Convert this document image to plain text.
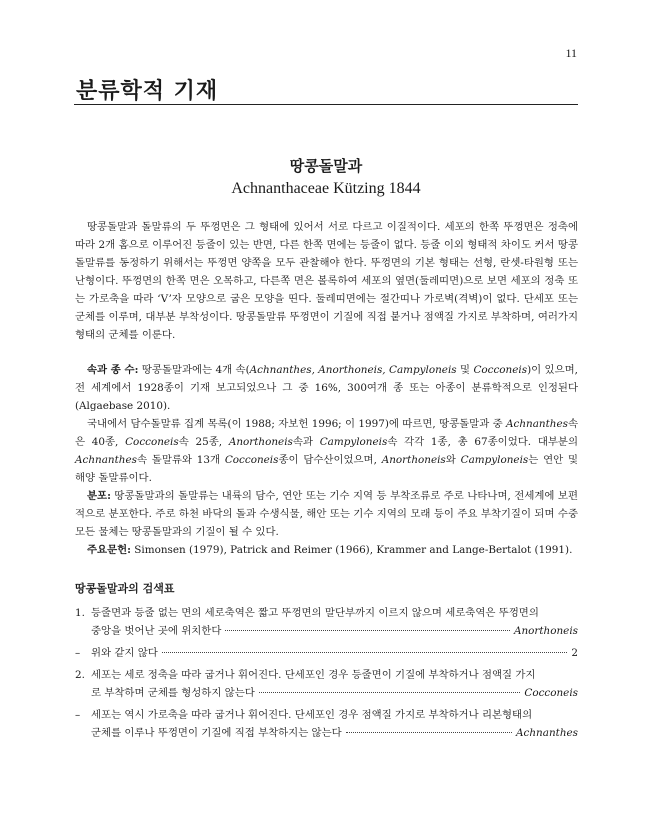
11
분류학적 기재
땅콩돌말과

Achnanthaceae Kützing 1844

땅콩돌말과 돌말류의 두 뚜껑면은 그 형태에 있어서 서로 다르고 이질적이다. 세포의 한쪽 뚜껑면은 정축에 따라 2개 홈으로 이루어진 등줄이 있는 반면, 다른 한쪽 면에는 등줄이 없다. 등줄 이외 형태적 차이도 커서 땅콩돌말류를 동정하기 위해서는 뚜껑면 양쪽을 모두 관찰해야 한다. 뚜껑면의 기본 형태는 선형, 란셋-타원형 또는 난형이다. 뚜껑면의 한쪽 면은 오목하고, 다른쪽 면은 볼록하여 세포의 옆면(둘레띠면)으로 보면 세포의 정축 또는 가로축을 따라 ‘V’자 모양으로 굽은 모양을 띤다. 둘레띠면에는 절간띠나 가로벽(격벽)이 없다. 단세포 또는 군체를 이루며, 대부분 부착성이다. 땅콩돌말류 뚜껑면이 기질에 직접 붙거나 점액질 가지로 부착하며, 여러가지 형태의 군체를 이룬다.

속과 종 수: 땅콩돌말과에는 4개 속(Achnanthes, Anorthoneis, Campyloneis 및 Cocconeis)이 있으며, 전 세계에서 1928종이 기재 보고되었으나 그 중 16%, 300여개 종 또는 아종이 분류학적으로 인정된다 (Algaebase 2010).
국내에서 담수돌말류 집계 목록(이 1988; 자보헌 1996; 이 1997)에 따르면, 땅콩돌말과 중 Achnanthes속은 40종, Cocconeis속 25종, Anorthoneis속과 Campyloneis속 각각 1종, 총 67종이었다. 대부분의 Achnanthes속 돌말류와 13개 Cocconeis종이 담수산이었으며, Anorthoneis와 Campyloneis는 연안 및 해양 돌말류이다.
분포: 땅콩돌말과의 돌말류는 내륙의 담수, 연안 또는 기수 지역 등 부착조류로 주로 나타나며, 전세계에 보편적으로 분포한다. 주로 하천 바닥의 돌과 수생식물, 해안 또는 기수 지역의 모래 등이 주요 부착기질이 되며 수중 모든 물체는 땅콩돌말과의 기질이 될 수 있다.
주요문헌: Simonsen (1979), Patrick and Reimer (1966), Krammer and Lange-Bertalot (1991).
땅콩돌말과의 검색표
1. 등줄면과 등줄 없는 면의 세로축역은 짧고 뚜껑면의 말단부까지 이르지 않으며 세로축역은 뚜껑면의
중앙을 벗어난 곳에 위치한다	Anorthoneis
–	위와 같지 않다	2
2. 세포는 세로 정축을 따라 굽거나 휘어진다. 단세포인 경우 등줄면이 기질에 부착하거나 점액질 가지
로 부착하며 군체를 형성하지 않는다	Cocconeis
–	세포는 역시 가로축을 따라 굽거나 휘어진다. 단세포인 경우 점액질 가지로 부착하거나 리본형태의
군체를 이루나 뚜껑면이 기질에 직접 부착하지는 않는다	Achnanthes
